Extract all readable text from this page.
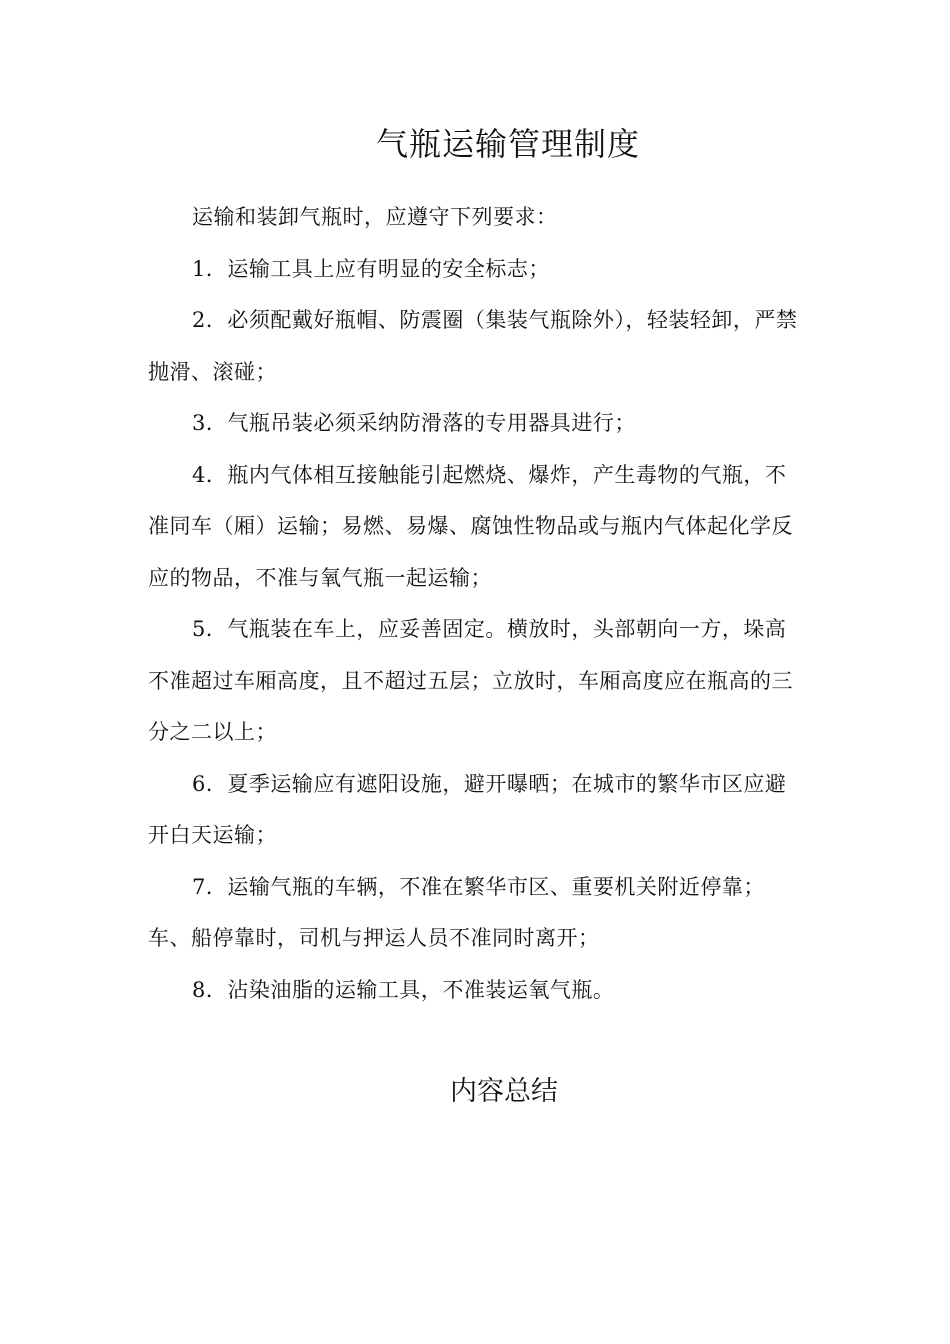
气瓶运输管理制度

运输和装卸气瓶时，应遵守下列要求：

1．运输工具上应有明显的安全标志；

2．必须配戴好瓶帽、防震圈（集装气瓶除外），轻装轻卸，严禁抛滑、滚碰；

3．气瓶吊装必须采纳防滑落的专用器具进行；

4．瓶内气体相互接触能引起燃烧、爆炸，产生毒物的气瓶，不准同车（厢）运输；易燃、易爆、腐蚀性物品或与瓶内气体起化学反应的物品，不准与氧气瓶一起运输；

5．气瓶装在车上，应妥善固定。横放时，头部朝向一方，垛高不准超过车厢高度，且不超过五层；立放时，车厢高度应在瓶高的三分之二以上；

6．夏季运输应有遮阳设施，避开曝晒；在城市的繁华市区应避开白天运输；

7．运输气瓶的车辆，不准在繁华市区、重要机关附近停靠；车、船停靠时，司机与押运人员不准同时离开；

8．沾染油脂的运输工具，不准装运氧气瓶。

内容总结
